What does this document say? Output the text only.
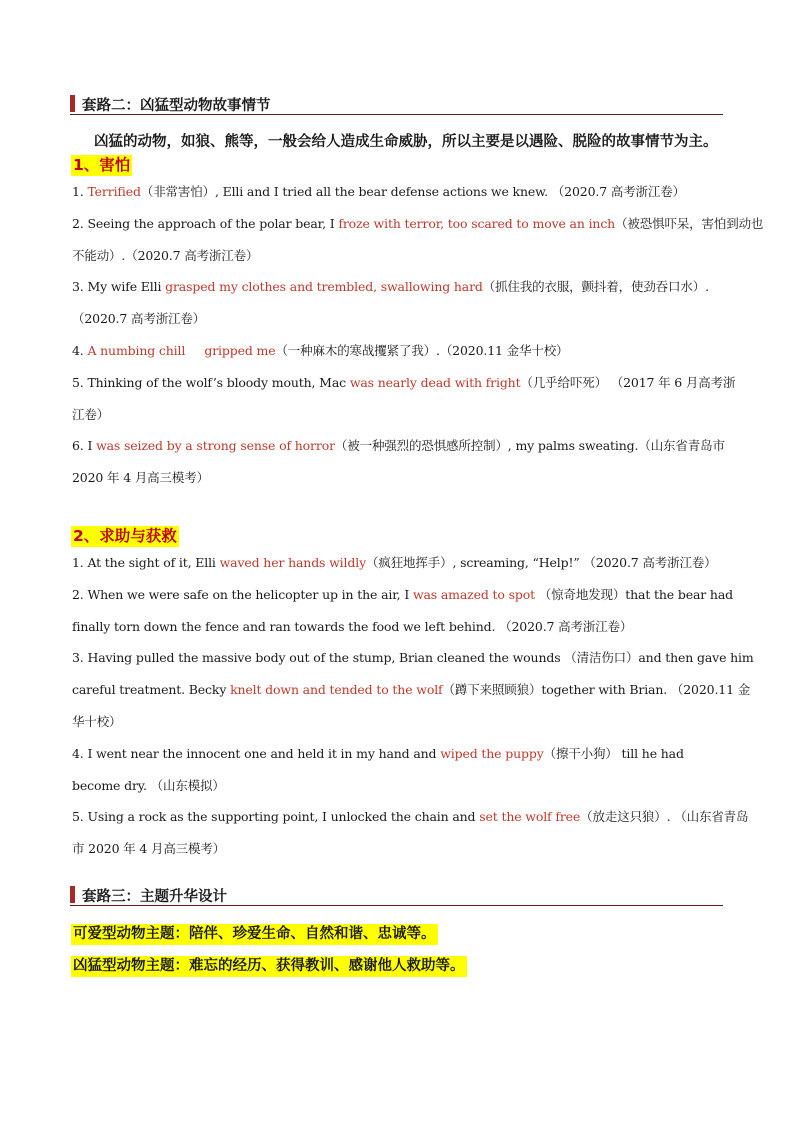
套路二：凶猛型动物故事情节
凶猛的动物，如狼、熊等，一般会给人造成生命威胁，所以主要是以遇险、脱险的故事情节为主。
1、害怕
1. Terrified（非常害怕）, Elli and I tried all the bear defense actions we knew. （2020.7 高考浙江卷）
2. Seeing the approach of the polar bear, I froze with terror, too scared to move an inch（被恐惧吓呆，害怕到动也
不能动）.（2020.7 高考浙江卷）
3. My wife Elli grasped my clothes and trembled, swallowing hard（抓住我的衣服，颤抖着，使劲吞口水）.
（2020.7 高考浙江卷）
4. A numbing chill     gripped me（一种麻木的寒战攫紧了我）.（2020.11 金华十校）
5. Thinking of the wolf’s bloody mouth, Mac was nearly dead with fright（几乎给吓死） （2017 年 6 月高考浙
江卷）
6. I was seized by a strong sense of horror（被一种强烈的恐惧感所控制）, my palms sweating.（山东省青岛市
2020 年 4 月高三模考）
2、求助与获救
1. At the sight of it, Elli waved her hands wildly（疯狂地挥手）, screaming, “Help!” （2020.7 高考浙江卷）
2. When we were safe on the helicopter up in the air, I was amazed to spot （惊奇地发现）that the bear had
finally torn down the fence and ran towards the food we left behind. （2020.7 高考浙江卷）
3. Having pulled the massive body out of the stump, Brian cleaned the wounds （清洁伤口）and then gave him
careful treatment. Becky knelt down and tended to the wolf（蹲下来照顾狼）together with Brian. （2020.11 金
华十校）
4. I went near the innocent one and held it in my hand and wiped the puppy（擦干小狗） till he had
become dry. （山东模拟）
5. Using a rock as the supporting point, I unlocked the chain and set the wolf free（放走这只狼）. （山东省青岛
市 2020 年 4 月高三模考）
套路三：主题升华设计
可爱型动物主题：陪伴、珍爱生命、自然和谐、忠诚等。
凶猛型动物主题：难忘的经历、获得教训、感谢他人救助等。
